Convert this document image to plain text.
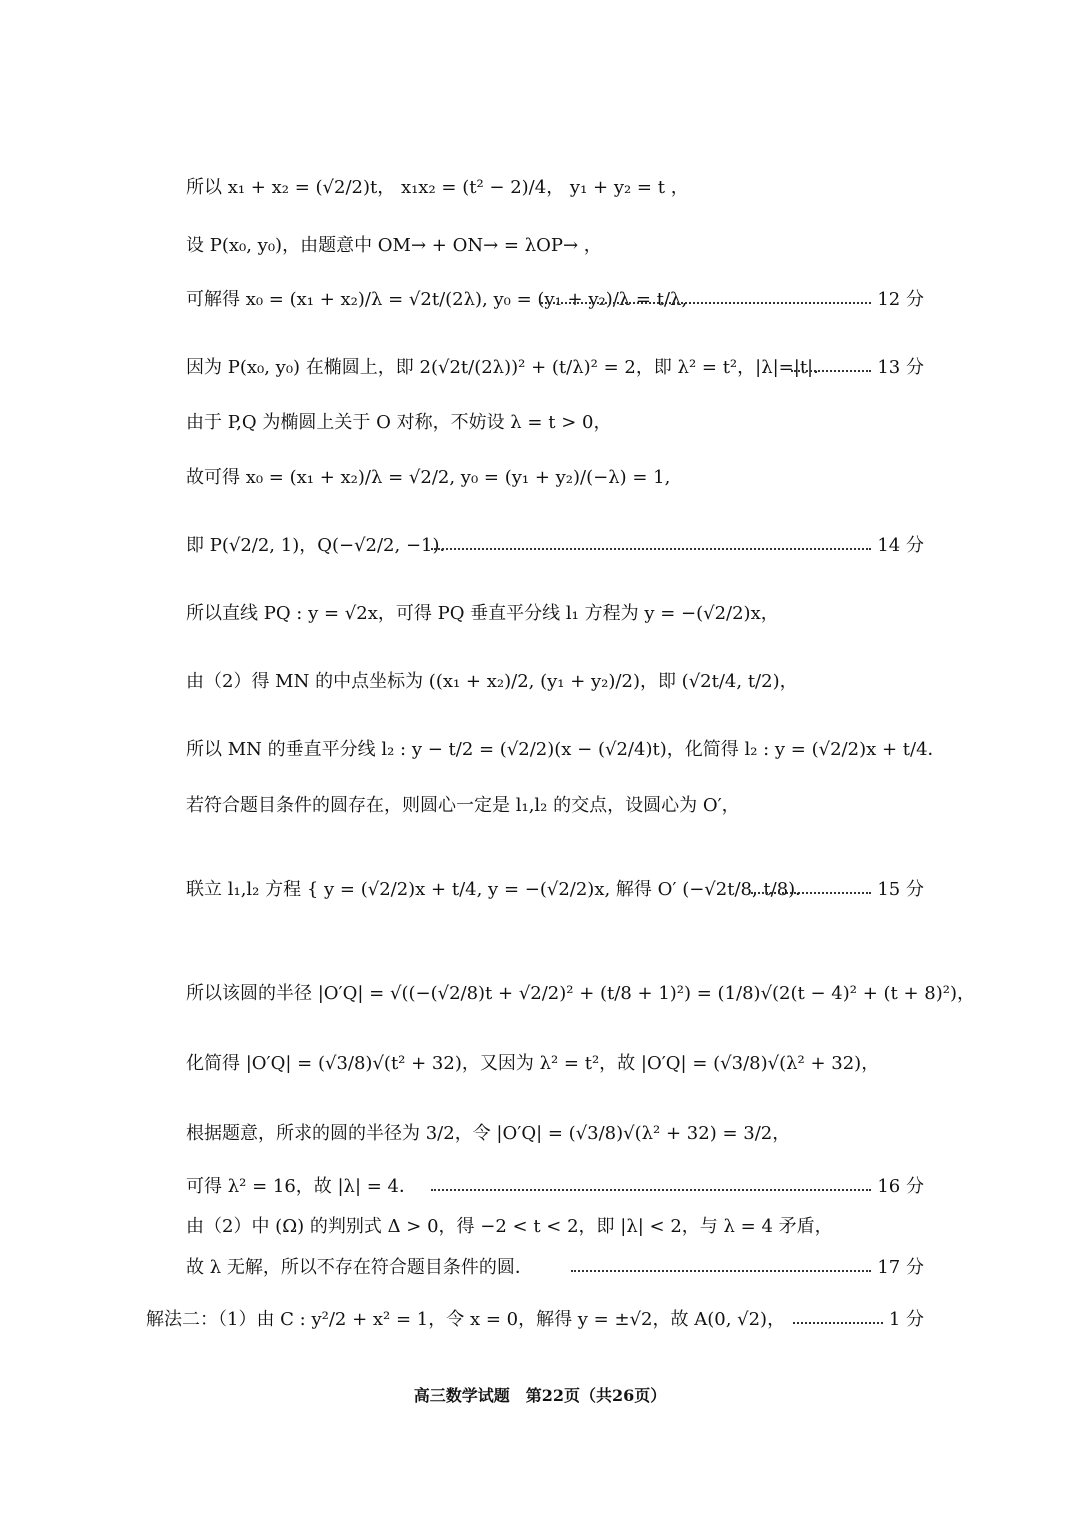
所以 x₁ + x₂ = (√2/2)t， x₁x₂ = (t² − 2)/4， y₁ + y₂ = t ，
设 P(x₀, y₀)，由题意中 OM→ + ON→ = λOP→ ，
可解得 x₀ = (x₁ + x₂)/λ = √2t/(2λ), y₀ = (y₁ + y₂)/λ = t/λ,	12 分
因为 P(x₀, y₀) 在椭圆上，即 2(√2t/(2λ))² + (t/λ)² = 2，即 λ² = t²，|λ|=|t|．	13 分
由于 P,Q 为椭圆上关于 O 对称，不妨设 λ = t > 0，
故可得 x₀ = (x₁ + x₂)/λ = √2/2, y₀ = (y₁ + y₂)/(−λ) = 1,
即 P(√2/2, 1)，Q(−√2/2, −1)．	14 分
所以直线 PQ : y = √2x，可得 PQ 垂直平分线 l₁ 方程为 y = −(√2/2)x，
由（2）得 MN 的中点坐标为 ((x₁ + x₂)/2, (y₁ + y₂)/2)，即 (√2t/4, t/2)，
所以 MN 的垂直平分线 l₂ : y − t/2 = (√2/2)(x − (√2/4)t)，化简得 l₂ : y = (√2/2)x + t/4．
若符合题目条件的圆存在，则圆心一定是 l₁,l₂ 的交点，设圆心为 O′，
联立 l₁,l₂ 方程 { y = (√2/2)x + t/4, y = −(√2/2)x, 解得 O′ (−√2t/8, t/8)．	15 分
所以该圆的半径 |O′Q| = √((−(√2/8)t + √2/2)² + (t/8 + 1)²) = (1/8)√(2(t − 4)² + (t + 8)²)，
化简得 |O′Q| = (√3/8)√(t² + 32)，又因为 λ² = t²，故 |O′Q| = (√3/8)√(λ² + 32)，
根据题意，所求的圆的半径为 3/2，令 |O′Q| = (√3/8)√(λ² + 32) = 3/2，
可得 λ² = 16，故 |λ| = 4．	16 分
由（2）中 (Ω) 的判别式 Δ > 0，得 −2 < t < 2，即 |λ| < 2，与 λ = 4 矛盾，
故 λ 无解，所以不存在符合题目条件的圆．	17 分
解法二：（1）由 C : y²/2 + x² = 1，令 x = 0，解得 y = ±√2，故 A(0, √2)，	1 分
高三数学试题　第22页（共26页）
